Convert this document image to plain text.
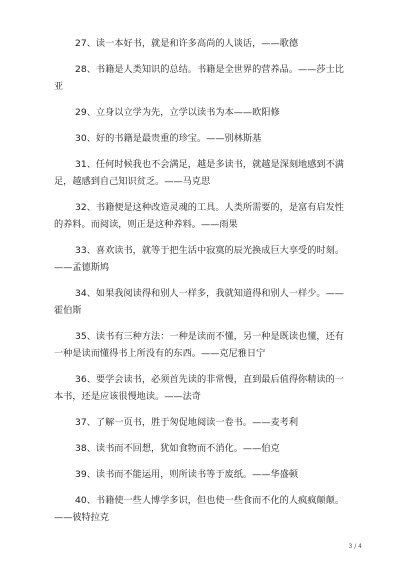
27、读一本好书，就是和许多高尚的人谈话，——歌德
28、书籍是人类知识的总结。书籍是全世界的营养品。——莎士比亚
29、立身以立学为先，立学以读书为本——欧阳修
30、好的书籍是最贵重的珍宝。——别林斯基
31、任何时候我也不会满足，越是多读书，就越是深刻地感到不满足，越感到自己知识贫乏。——马克思
32、书籍便是这种改造灵魂的工具。人类所需要的，是富有启发性的养料。而阅读，则正是这种养料。——雨果
33、喜欢读书，就等于把生活中寂寞的辰光换成巨大享受的时刻。——孟德斯鸠
34、如果我阅读得和别人一样多，我就知道得和别人一样少。——霍伯斯
35、读书有三种方法：一种是读而不懂，另一种是既读也懂，还有一种是读而懂得书上所没有的东西。——克尼雅日宁
36、要学会读书，必须首先读的非常慢，直到最后值得你精读的一本书，还是应该很慢地读。——法奇
37、了解一页书，胜于匆促地阅读一卷书。——麦考利
38、读书而不回想，犹如食物而不消化。——伯克
39、读书而不能运用，则所读书等于废纸。——华盛顿
40、书籍使一些人博学多识，但也使一些食而不化的人疯疯颠颠。——彼特拉克
3 / 4
